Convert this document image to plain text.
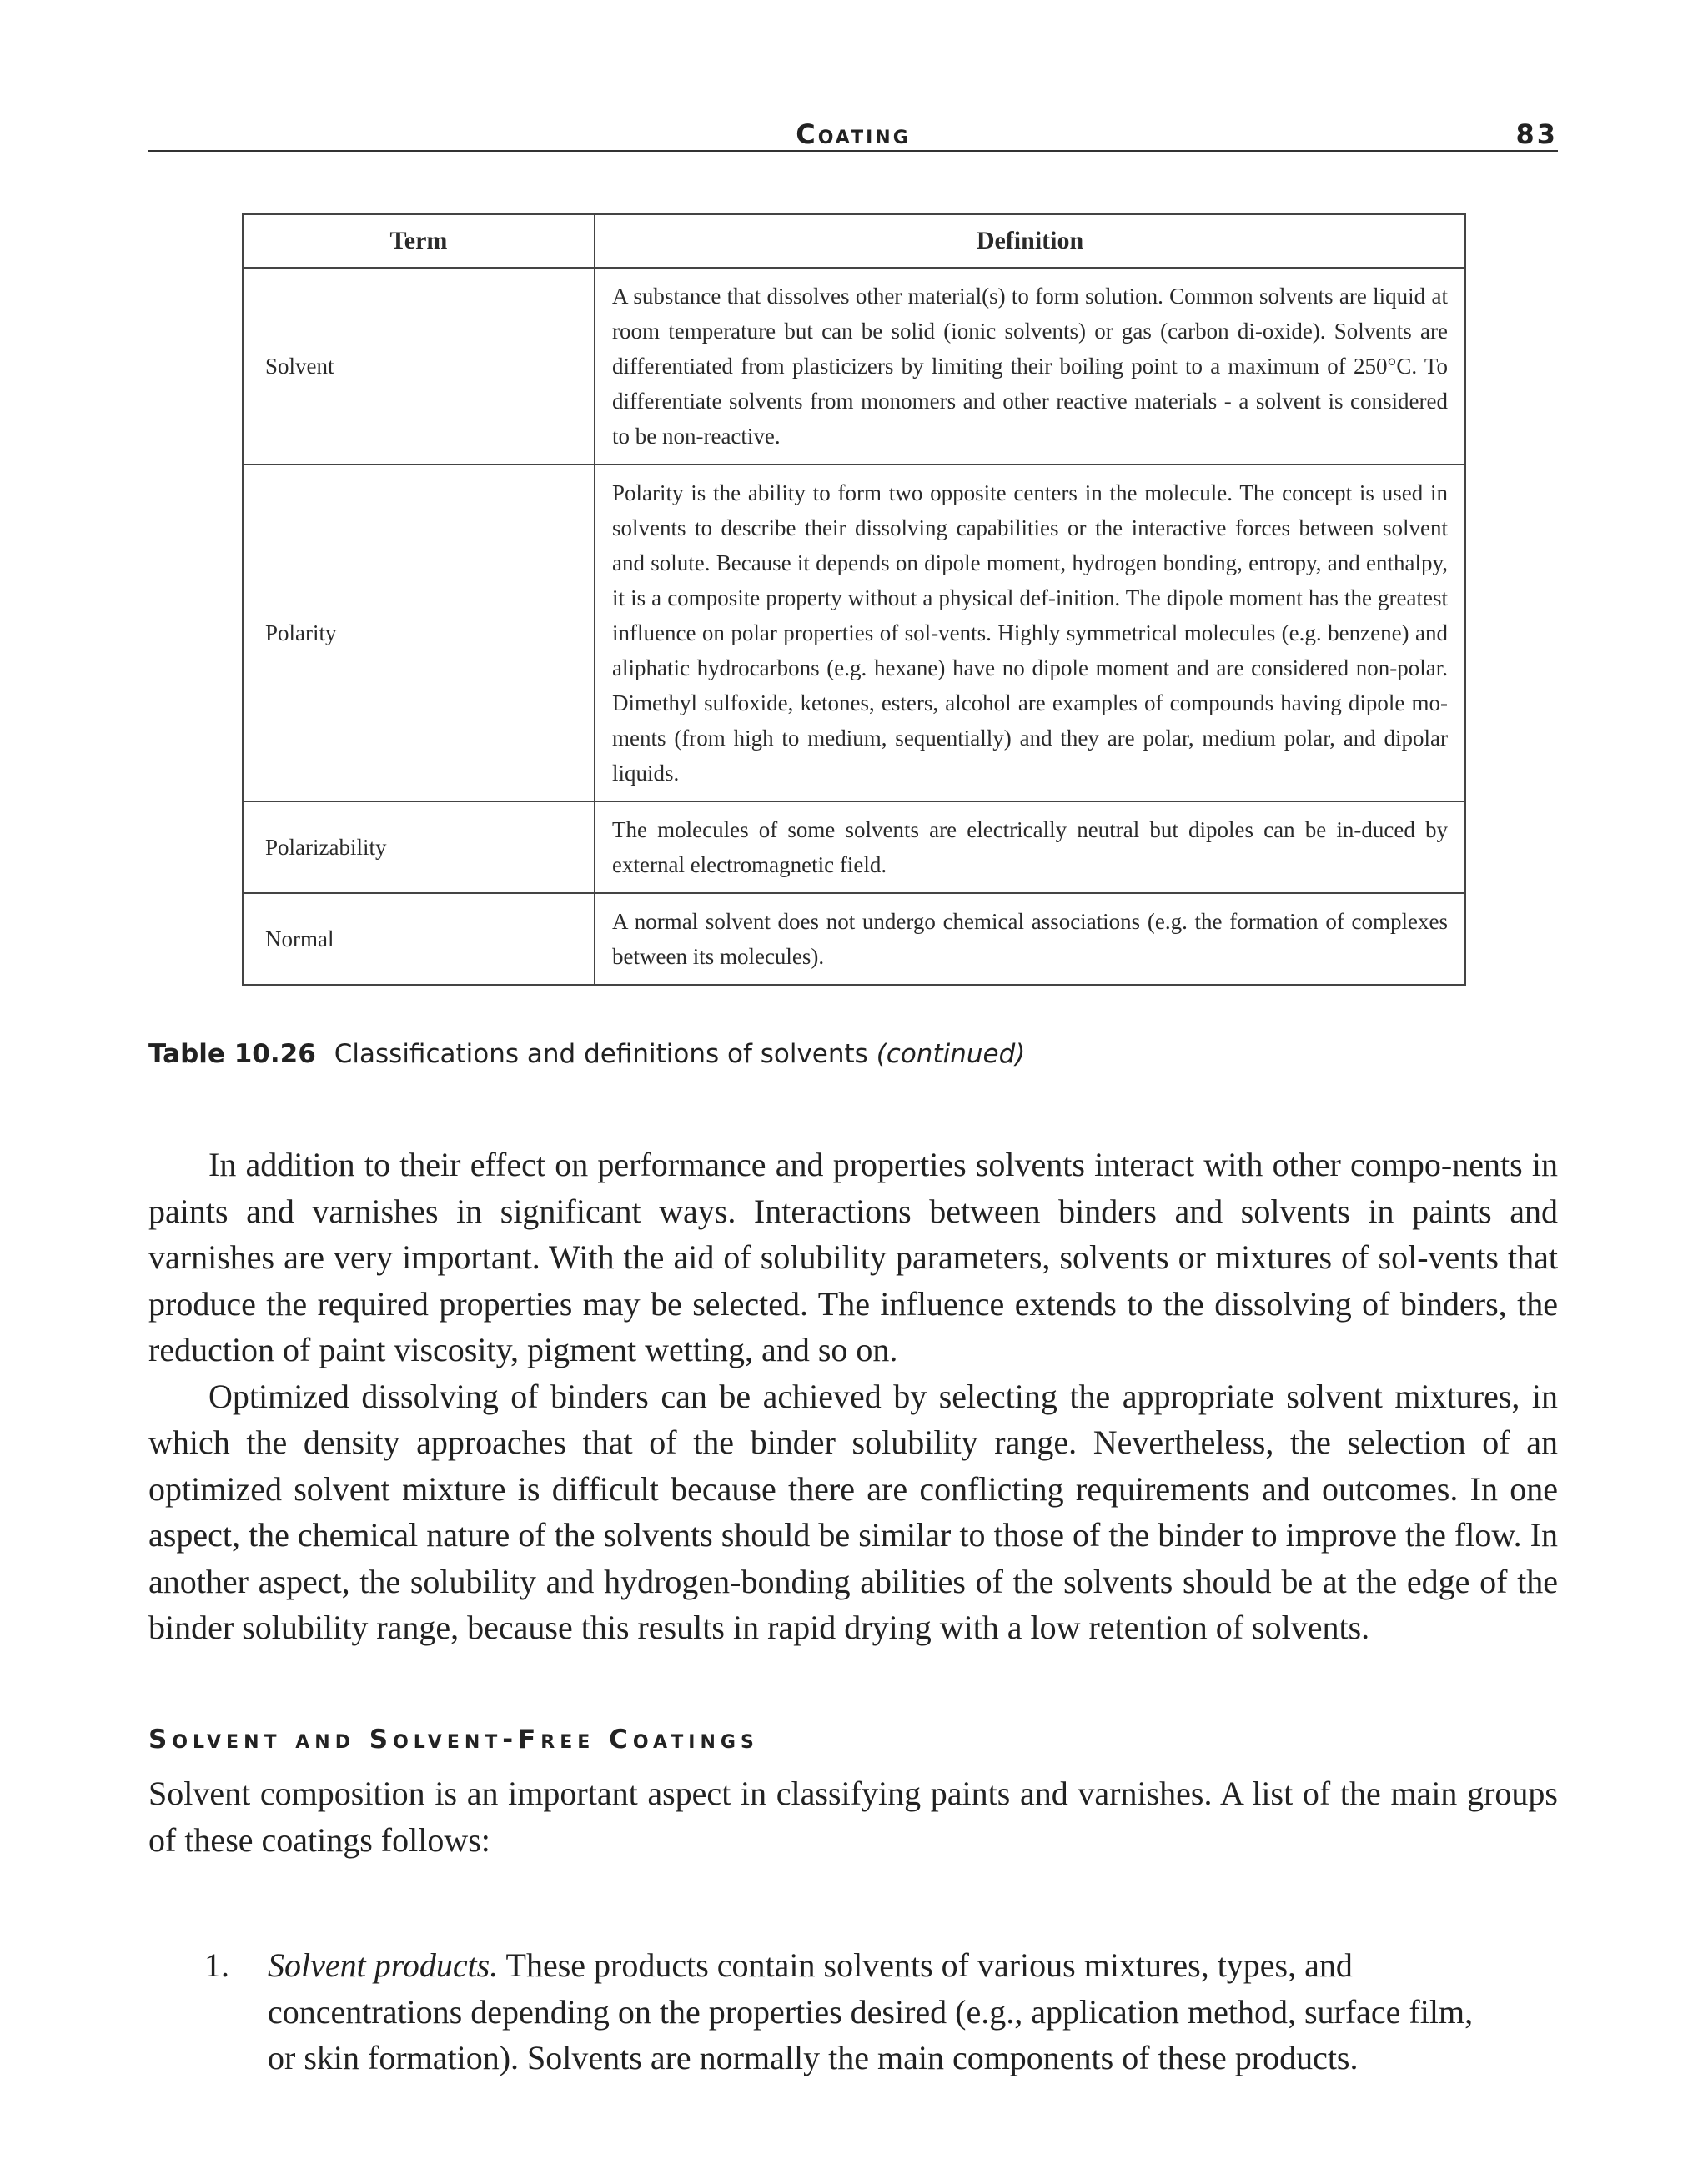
Coating	83
Term	Definition
Solvent	A substance that dissolves other material(s) to form solution. Common solvents are liquid at room temperature but can be solid (ionic solvents) or gas (carbon di-oxide). Solvents are differentiated from plasticizers by limiting their boiling point to a maximum of 250°C. To differentiate solvents from monomers and other reactive materials - a solvent is considered to be non-reactive.
Polarity	Polarity is the ability to form two opposite centers in the molecule. The concept is used in solvents to describe their dissolving capabilities or the interactive forces between solvent and solute. Because it depends on dipole moment, hydrogen bonding, entropy, and enthalpy, it is a composite property without a physical def-inition. The dipole moment has the greatest influence on polar properties of sol-vents. Highly symmetrical molecules (e.g. benzene) and aliphatic hydrocarbons (e.g. hexane) have no dipole moment and are considered non-polar. Dimethyl sulfoxide, ketones, esters, alcohol are examples of compounds having dipole mo-ments (from high to medium, sequentially) and they are polar, medium polar, and dipolar liquids.
Polarizability	The molecules of some solvents are electrically neutral but dipoles can be in-duced by external electromagnetic field.
Normal	A normal solvent does not undergo chemical associations (e.g. the formation of complexes between its molecules).
Table 10.26 Classifications and definitions of solvents (continued)

In addition to their effect on performance and properties solvents interact with other compo-nents in paints and varnishes in significant ways. Interactions between binders and solvents in paints and varnishes are very important. With the aid of solubility parameters, solvents or mixtures of sol-vents that produce the required properties may be selected. The influence extends to the dissolving of binders, the reduction of paint viscosity, pigment wetting, and so on.

Optimized dissolving of binders can be achieved by selecting the appropriate solvent mixtures, in which the density approaches that of the binder solubility range. Nevertheless, the selection of an optimized solvent mixture is difficult because there are conflicting requirements and outcomes. In one aspect, the chemical nature of the solvents should be similar to those of the binder to improve the flow. In another aspect, the solubility and hydrogen-bonding abilities of the solvents should be at the edge of the binder solubility range, because this results in rapid drying with a low retention of solvents.

Solvent and Solvent-Free Coatings

Solvent composition is an important aspect in classifying paints and varnishes. A list of the main groups of these coatings follows:

1. Solvent products. These products contain solvents of various mixtures, types, and concentrations depending on the properties desired (e.g., application method, surface film, or skin formation). Solvents are normally the main components of these products.
